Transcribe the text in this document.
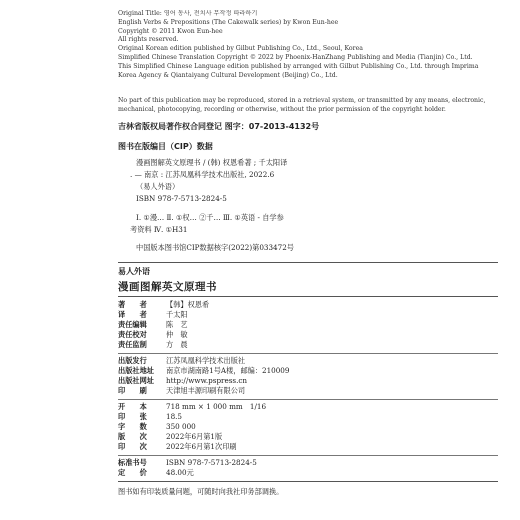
Original Title: 영어 동사, 전치사 무작정 따라하기
English Verbs & Prepositions (The Cakewalk series) by Kwon Eun-hee
Copyright © 2011 Kwon Eun-hee
All rights reserved.
Original Korean edition published by Gilbut Publishing Co., Ltd., Seoul, Korea
Simplified Chinese Translation Copyright © 2022 by Phoenix-HanZhang Publishing and Media (Tianjin) Co., Ltd.
This Simplified Chinese Language edition published by arranged with Gilbut Publishing Co., Ltd. through Imprima
Korea Agency & Qiantaiyang Cultural Development (Beijing) Co., Ltd.
No part of this publication may be reproduced, stored in a retrieval system, or transmitted by any means, electronic,
mechanical, photocopying, recording or otherwise, without the prior permission of the copyright holder.
吉林省版权局著作权合同登记 图字：07-2013-4132号
图书在版编目（CIP）数据
漫画图解英文原理书 / (韩) 权恩希著 ; 千太阳译
. — 南京 : 江苏凤凰科学技术出版社, 2022.6
（易人外语）
ISBN 978-7-5713-2824-5
Ⅰ. ①漫… Ⅱ. ①权… ②千… Ⅲ. ①英语 - 自学参
考资料 Ⅳ. ①H31
中国版本图书馆CIP数据核字(2022)第033472号
易人外语
漫画图解英文原理书
著　　者	【韩】权恩希
译　　者	千太阳
责任编辑	陈　艺
责任校对	仲　敏
责任监制	方　晨
出版发行	江苏凤凰科学技术出版社
出版社地址 南京市湖南路1号A楼，邮编：210009
出版社网址 http://www.pspress.cn
印　　刷	天津旭丰源印刷有限公司
开　　本	718 mm × 1 000 mm　1/16
印　　张	18.5
字　　数	350 000
版　　次	2022年6月第1版
印　　次	2022年6月第1次印刷
标准书号	ISBN 978-7-5713-2824-5
定　　价	48.00元
图书如有印装质量问题，可随时向我社印务部调换。
